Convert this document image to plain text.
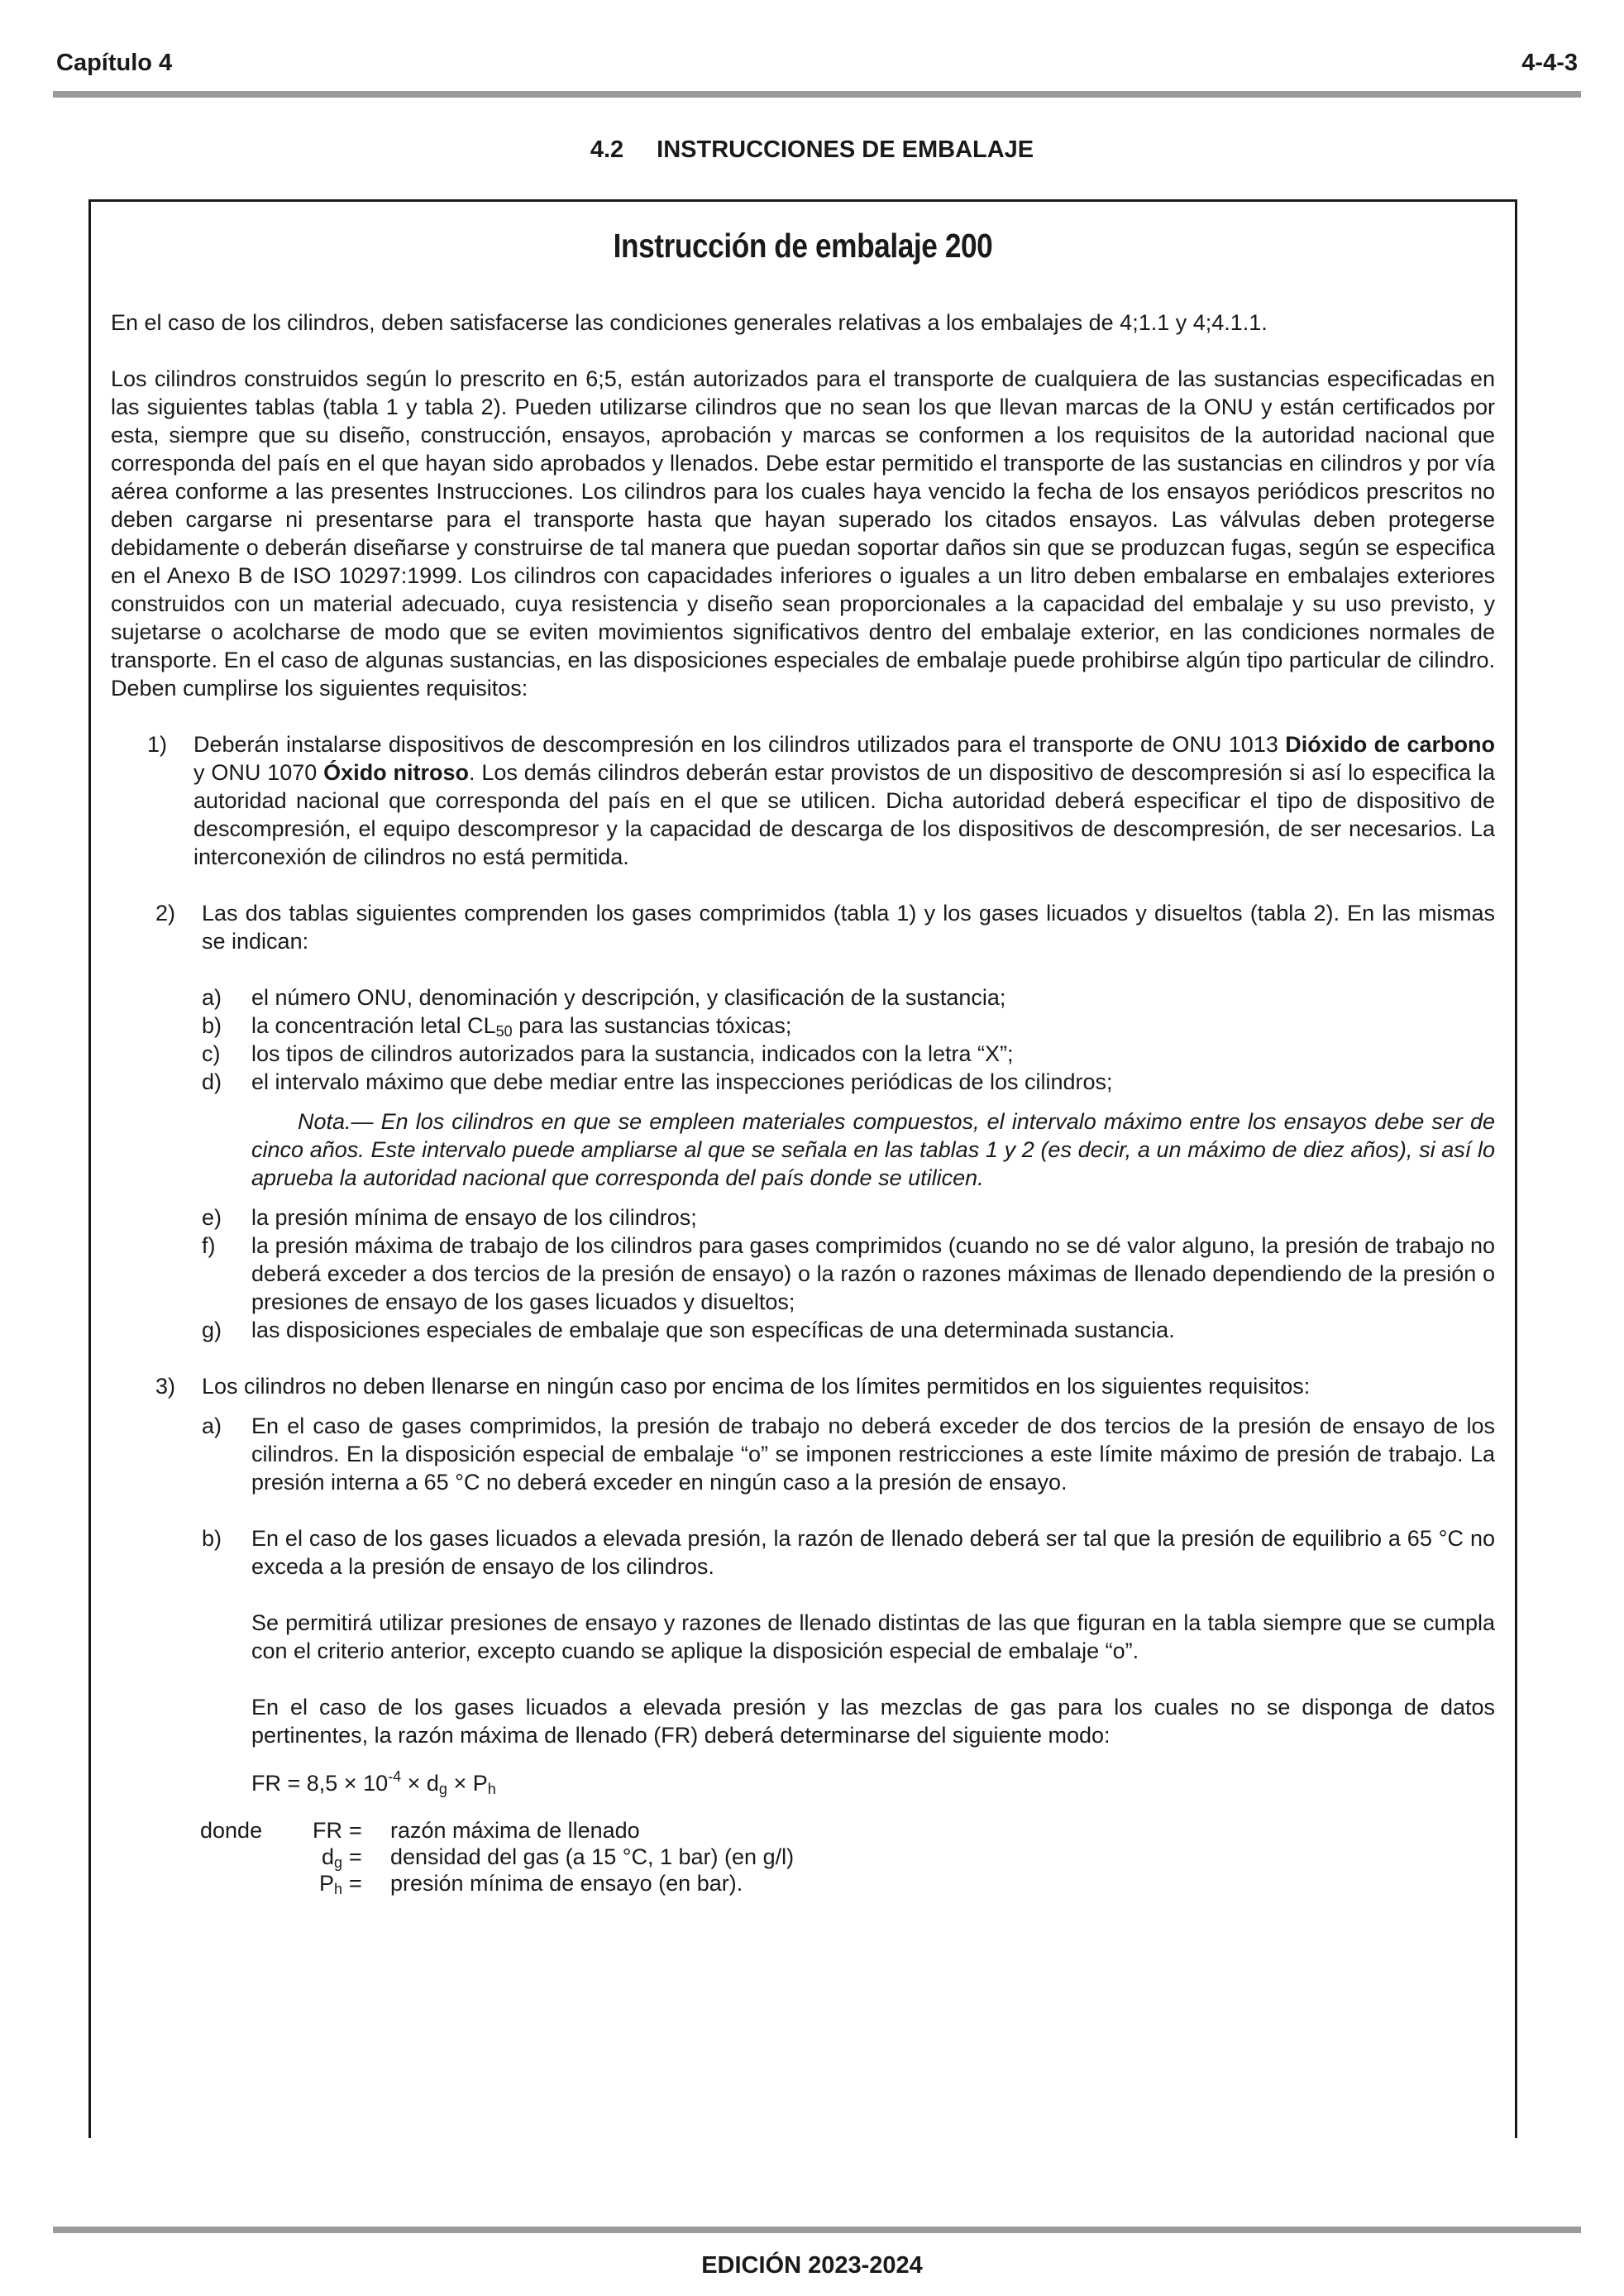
Capítulo 4	4-4-3
4.2 INSTRUCCIONES DE EMBALAJE
Instrucción de embalaje 200

En el caso de los cilindros, deben satisfacerse las condiciones generales relativas a los embalajes de 4;1.1 y 4;4.1.1.

Los cilindros construidos según lo prescrito en 6;5, están autorizados para el transporte de cualquiera de las sustancias especificadas en las siguientes tablas (tabla 1 y tabla 2). Pueden utilizarse cilindros que no sean los que llevan marcas de la ONU y están certificados por esta, siempre que su diseño, construcción, ensayos, aprobación y marcas se conformen a los requisitos de la autoridad nacional que corresponda del país en el que hayan sido aprobados y llenados. Debe estar permitido el transporte de las sustancias en cilindros y por vía aérea conforme a las presentes Instrucciones. Los cilindros para los cuales haya vencido la fecha de los ensayos periódicos prescritos no deben cargarse ni presentarse para el transporte hasta que hayan superado los citados ensayos. Las válvulas deben protegerse debidamente o deberán diseñarse y construirse de tal manera que puedan soportar daños sin que se produzcan fugas, según se especifica en el Anexo B de ISO 10297:1999. Los cilindros con capacidades inferiores o iguales a un litro deben embalarse en embalajes exteriores construidos con un material adecuado, cuya resistencia y diseño sean proporcionales a la capacidad del embalaje y su uso previsto, y sujetarse o acolcharse de modo que se eviten movimientos significativos dentro del embalaje exterior, en las condiciones normales de transporte. En el caso de algunas sustancias, en las disposiciones especiales de embalaje puede prohibirse algún tipo particular de cilindro. Deben cumplirse los siguientes requisitos:

1)	Deberán instalarse dispositivos de descompresión en los cilindros utilizados para el transporte de ONU 1013 Dióxido de carbono y ONU 1070 Óxido nitroso. Los demás cilindros deberán estar provistos de un dispositivo de descompresión si así lo especifica la autoridad nacional que corresponda del país en el que se utilicen. Dicha autoridad deberá especificar el tipo de dispositivo de descompresión, el equipo descompresor y la capacidad de descarga de los dispositivos de descompresión, de ser necesarios. La interconexión de cilindros no está permitida.
2)	Las dos tablas siguientes comprenden los gases comprimidos (tabla 1) y los gases licuados y disueltos (tabla 2). En las mismas se indican:

a)	el número ONU, denominación y descripción, y clasificación de la sustancia;
b)	la concentración letal CL50 para las sustancias tóxicas;
c)	los tipos de cilindros autorizados para la sustancia, indicados con la letra “X”;
d)	el intervalo máximo que debe mediar entre las inspecciones periódicas de los cilindros;

Nota.— En los cilindros en que se empleen materiales compuestos, el intervalo máximo entre los ensayos debe ser de cinco años. Este intervalo puede ampliarse al que se señala en las tablas 1 y 2 (es decir, a un máximo de diez años), si así lo aprueba la autoridad nacional que corresponda del país donde se utilicen.

e)	la presión mínima de ensayo de los cilindros;
f)	la presión máxima de trabajo de los cilindros para gases comprimidos (cuando no se dé valor alguno, la presión de trabajo no deberá exceder a dos tercios de la presión de ensayo) o la razón o razones máximas de llenado dependiendo de la presión o presiones de ensayo de los gases licuados y disueltos;
g)	las disposiciones especiales de embalaje que son específicas de una determinada sustancia.
3)	Los cilindros no deben llenarse en ningún caso por encima de los límites permitidos en los siguientes requisitos:

a)	En el caso de gases comprimidos, la presión de trabajo no deberá exceder de dos tercios de la presión de ensayo de los cilindros. En la disposición especial de embalaje “o” se imponen restricciones a este límite máximo de presión de trabajo. La presión interna a 65 °C no deberá exceder en ningún caso a la presión de ensayo.
b)	En el caso de los gases licuados a elevada presión, la razón de llenado deberá ser tal que la presión de equilibrio a 65 °C no exceda a la presión de ensayo de los cilindros.

Se permitirá utilizar presiones de ensayo y razones de llenado distintas de las que figuran en la tabla siempre que se cumpla con el criterio anterior, excepto cuando se aplique la disposición especial de embalaje “o”.

En el caso de los gases licuados a elevada presión y las mezclas de gas para los cuales no se disponga de datos pertinentes, la razón máxima de llenado (FR) deberá determinarse del siguiente modo:

FR = $8,5 \times 10^{-4}$ × dg × Ph

donde	FR =	razón máxima de llenado
dg =	densidad del gas (a 15 °C, 1 bar) (en g/l)
Ph =	presión mínima de ensayo (en bar).
EDICIÓN 2023-2024
